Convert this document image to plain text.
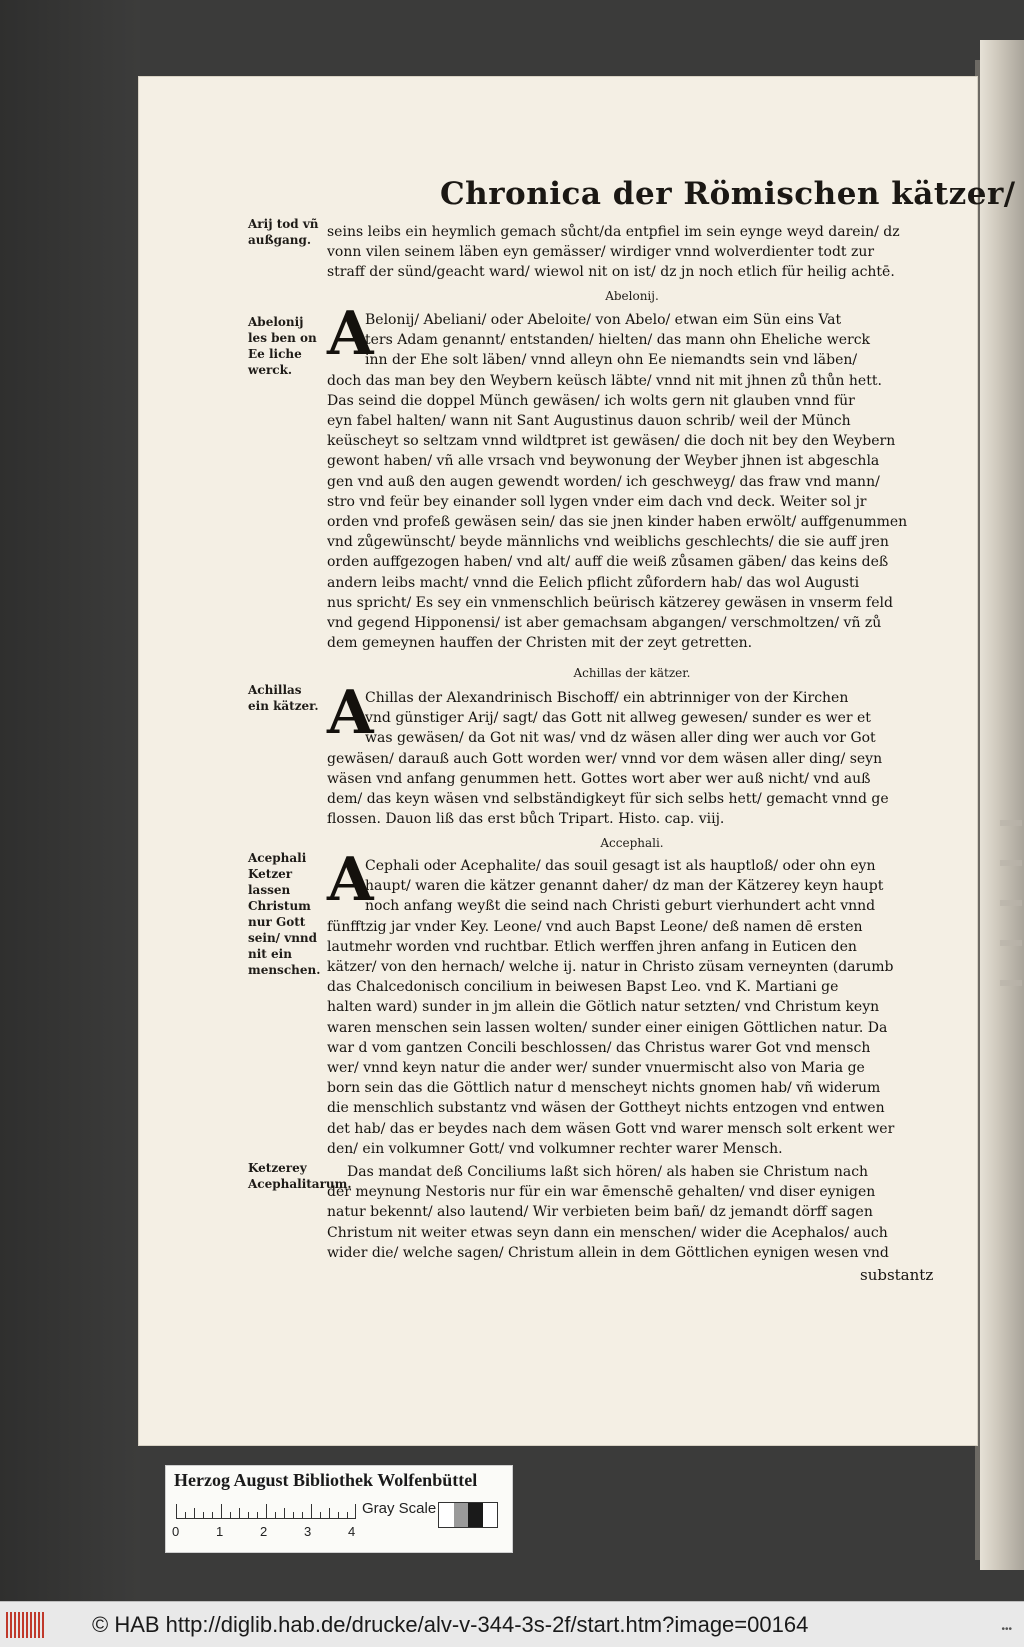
Chronica der Römischen kätzer/
Arij tod vñ außgang.	seins leibs ein heymlich gemach sůcht/da entpfiel im sein eynge weyd darein/ dz
vonn vilen seinem läben eyn gemässer/ wirdiger vnnd wolverdienter todt zur
straff der sünd/geacht ward/ wiewol nit on ist/ dz jn noch etlich für heilig achtē.
Abelonij.
Abelonij les ben on Ee liche werck.
A
Belonij/ Abeliani/ oder Abeloite/ von Abelo/ etwan eim Sün eins Vat
ters Adam genannt/ entstanden/ hielten/ das mann ohn Eheliche werck
inn der Ehe solt läben/ vnnd alleyn ohn Ee niemandts sein vnd läben/
doch das man bey den Weybern keüsch läbte/ vnnd nit mit jhnen zů thůn hett.
Das seind die doppel Münch gewäsen/ ich wolts gern nit glauben vnnd für
eyn fabel halten/ wann nit Sant Augustinus dauon schrib/ weil der Münch
keüscheyt so seltzam vnnd wildtpret ist gewäsen/ die doch nit bey den Weybern
gewont haben/ vñ alle vrsach vnd beywonung der Weyber jhnen ist abgeschla
gen vnd auß den augen gewendt worden/ ich geschweyg/ das fraw vnd mann/
stro vnd feür bey einander soll lygen vnder eim dach vnd deck. Weiter sol jr
orden vnd profeß gewäsen sein/ das sie jnen kinder haben erwölt/ auffgenummen
vnd zůgewünscht/ beyde männlichs vnd weiblichs geschlechts/ die sie auff jren
orden auffgezogen haben/ vnd alt/ auff die weiß zůsamen gäben/ das keins deß
andern leibs macht/ vnnd die Eelich pflicht zůfordern hab/ das wol Augusti
nus spricht/ Es sey ein vnmenschlich beürisch kätzerey gewäsen in vnserm feld
vnd gegend Hipponensi/ ist aber gemachsam abgangen/ verschmoltzen/ vñ zů
dem gemeynen hauffen der Christen mit der zeyt getretten.
Achillas der kätzer.
Achillas ein kätzer. A
Chillas der Alexandrinisch Bischoff/ ein abtrinniger von der Kirchen
vnd günstiger Arij/ sagt/ das Gott nit allweg gewesen/ sunder es wer et
was gewäsen/ da Got nit was/ vnd dz wäsen aller ding wer auch vor Got
gewäsen/ darauß auch Gott worden wer/ vnnd vor dem wäsen aller ding/ seyn
wäsen vnd anfang genummen hett. Gottes wort aber wer auß nicht/ vnd auß
dem/ das keyn wäsen vnd selbständigkeyt für sich selbs hett/ gemacht vnnd ge
flossen. Dauon liß das erst bůch Tripart. Histo. cap. viij.
Accephali.
Acephali Ketzer lassen Christum nur Gott sein/ vnnd nit ein menschen.
A
Cephali oder Acephalite/ das souil gesagt ist als hauptloß/ oder ohn eyn
haupt/ waren die kätzer genannt daher/ dz man der Kätzerey keyn haupt
noch anfang weyßt die seind nach Christi geburt vierhundert acht vnnd
fünfftzig jar vnder Key. Leone/ vnd auch Bapst Leone/ deß namen dē ersten
lautmehr worden vnd ruchtbar. Etlich werffen jhren anfang in Euticen den
kätzer/ von den hernach/ welche ij. natur in Christo züsam verneynten (darumb
das Chalcedonisch concilium in beiwesen Bapst Leo. vnd K. Martiani ge
halten ward) sunder in jm allein die Götlich natur setzten/ vnd Christum keyn
waren menschen sein lassen wolten/ sunder einer einigen Göttlichen natur. Da
war d vom gantzen Concili beschlossen/ das Christus warer Got vnd mensch
wer/ vnnd keyn natur die ander wer/ sunder vnuermischt also von Maria ge
born sein das die Göttlich natur d menscheyt nichts gnomen hab/ vñ widerum
die menschlich substantz vnd wäsen der Gottheyt nichts entzogen vnd entwen
det hab/ das er beydes nach dem wäsen Gott vnd warer mensch solt erkent wer
den/ ein volkumner Gott/ vnd volkumner rechter warer Mensch.
Ketzerey Acephalitarum.
Das mandat deß Conciliums laßt sich hören/ als haben sie Christum nach
der meynung Nestoris nur für ein war ēmenschē gehalten/ vnd diser eynigen
natur bekennt/ also lautend/ Wir verbieten beim bañ/ dz jemandt dörff sagen
Christum nit weiter etwas seyn dann ein menschen/ wider die Acephalos/ auch
wider die/ welche sagen/ Christum allein in dem Göttlichen eynigen wesen vnd
substantz
Herzog August Bibliothek Wolfenbüttel
0	1	2	3	4
Gray Scale
© HAB http://diglib.hab.de/drucke/alv-v-344-3s-2f/start.htm?image=00164	•••
